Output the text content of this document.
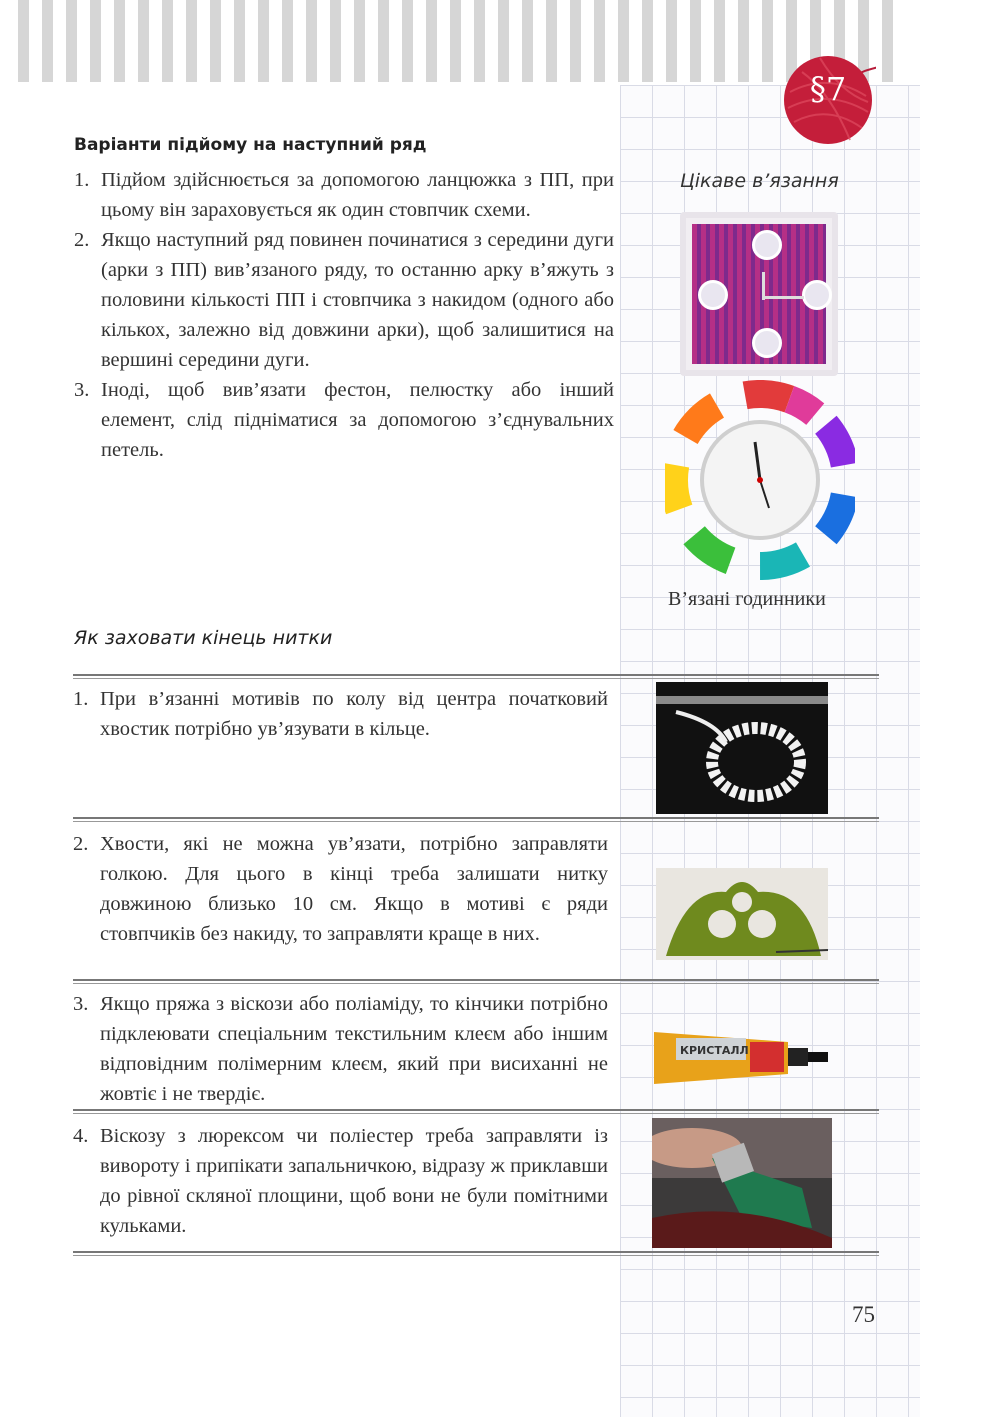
§7
Варіанти підйому на наступний ряд
1. Підйом здійснюється за допомогою ланцюжка з ПП, при цьому він зараховується як один стовпчик схеми.
2. Якщо наступний ряд повинен починатися з середини дуги (арки з ПП) вив’язаного ряду, то останню арку в’яжуть з половини кількості ПП і стовпчика з накидом (одного або кількох, залежно від довжини арки), щоб залишитися на вершині середини дуги.
3. Іноді, щоб вив’язати фестон, пелюстку або інший елемент, слід підніматися за допомогою з’єднувальних петель.
Цікаве в’язання
В’язані годинники
Як заховати кінець нитки
1. При в’язанні мотивів по колу від центра початковий хвостик потрібно ув’язувати в кільце.
2. Хвости, які не можна ув’язати, потрібно заправляти голкою. Для цього в кінці треба залишати нитку довжиною близько 10 см. Якщо в мотиві є ряди стовпчиків без накиду, то заправляти краще в них.
3. Якщо пряжа з віскози або поліаміду, то кінчики потрібно підклеювати спеціальним текстильним клеєм або іншим відповідним полімерним клеєм, який при висиханні не жовтіє і не твердіє.
КРИСТАЛЛ
4. Віскозу з люрексом чи поліестер треба заправляти із вивороту і припікати запальничкою, відразу ж приклавши до рівної скляної площини, щоб вони не були помітними кульками.
75
